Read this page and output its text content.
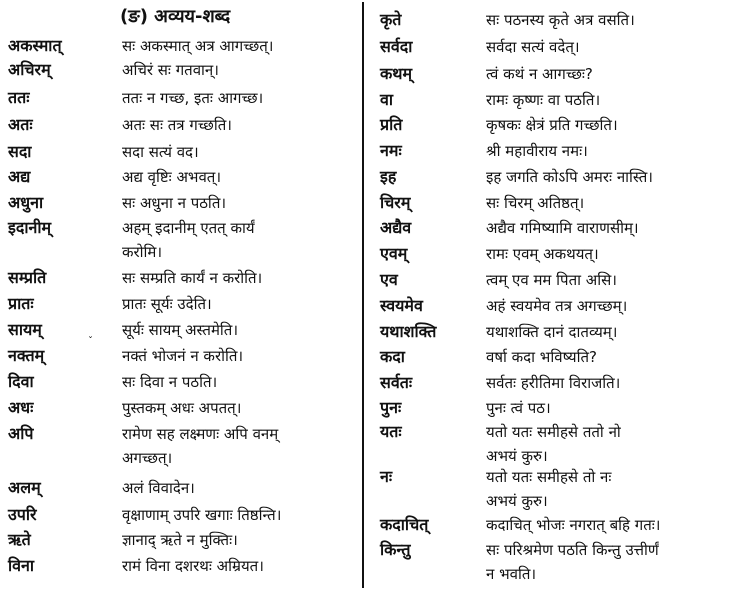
(ङ) अव्यय-शब्द
अकस्मात्	सः अकस्मात् अत्र आगच्छत्।
अचिरम्	अचिरं सः गतवान्।
ततः	ततः न गच्छ, इतः आगच्छ।
अतः	अतः सः तत्र गच्छति।
सदा	सदा सत्यं वद।
अद्य	अद्य वृष्टिः अभवत्।
अधुना	सः अधुना न पठति।
इदानीम्	अहम् इदानीम् एतत् कार्यं
करोमि।
सम्प्रति	सः सम्प्रति कार्यं न करोति।
प्रातः	प्रातः सूर्यः उदेति।
सायम्	सूर्यः सायम् अस्तमेति।
नक्तम्	नक्तं भोजनं न करोति।
दिवा	सः दिवा न पठति।
अधः	पुस्तकम् अधः अपतत्।
अपि	रामेण सह लक्ष्मणः अपि वनम्
अगच्छत्।
अलम्	अलं विवादेन।
उपरि	वृक्षाणाम् उपरि खगाः तिष्ठन्ति।
ऋते	ज्ञानाद् ऋते न मुक्तिः।
विना	रामं विना दशरथः अम्रियत।
कृते	सः पठनस्य कृते अत्र वसति।
सर्वदा	सर्वदा सत्यं वदेत्।
कथम्	त्वं कथं न आगच्छः?
वा	रामः कृष्णः वा पठति।
प्रति	कृषकः क्षेत्रं प्रति गच्छति।
नमः	श्री महावीराय नमः।
इह	इह जगति कोऽपि अमरः नास्ति।
चिरम्	सः चिरम् अतिष्ठत्।
अद्यैव	अद्यैव गमिष्यामि वाराणसीम्।
एवम्	रामः एवम् अकथयत्।
एव	त्वम् एव मम पिता असि।
स्वयमेव	अहं स्वयमेव तत्र अगच्छम्।
यथाशक्ति	यथाशक्ति दानं दातव्यम्।
कदा	वर्षा कदा भविष्यति?
सर्वतः	सर्वतः हरीतिमा विराजति।
पुनः	पुनः त्वं पठ।
यतः	यतो यतः समीहसे ततो नो
अभयं कुरु।
नः	यतो यतः समीहसे तो नः
अभयं कुरु।
कदाचित्	कदाचित् भोजः नगरात् बहि गतः।
किन्तु	सः परिश्रमेण पठति किन्तु उत्तीर्णं
न भवति।
ˇ
